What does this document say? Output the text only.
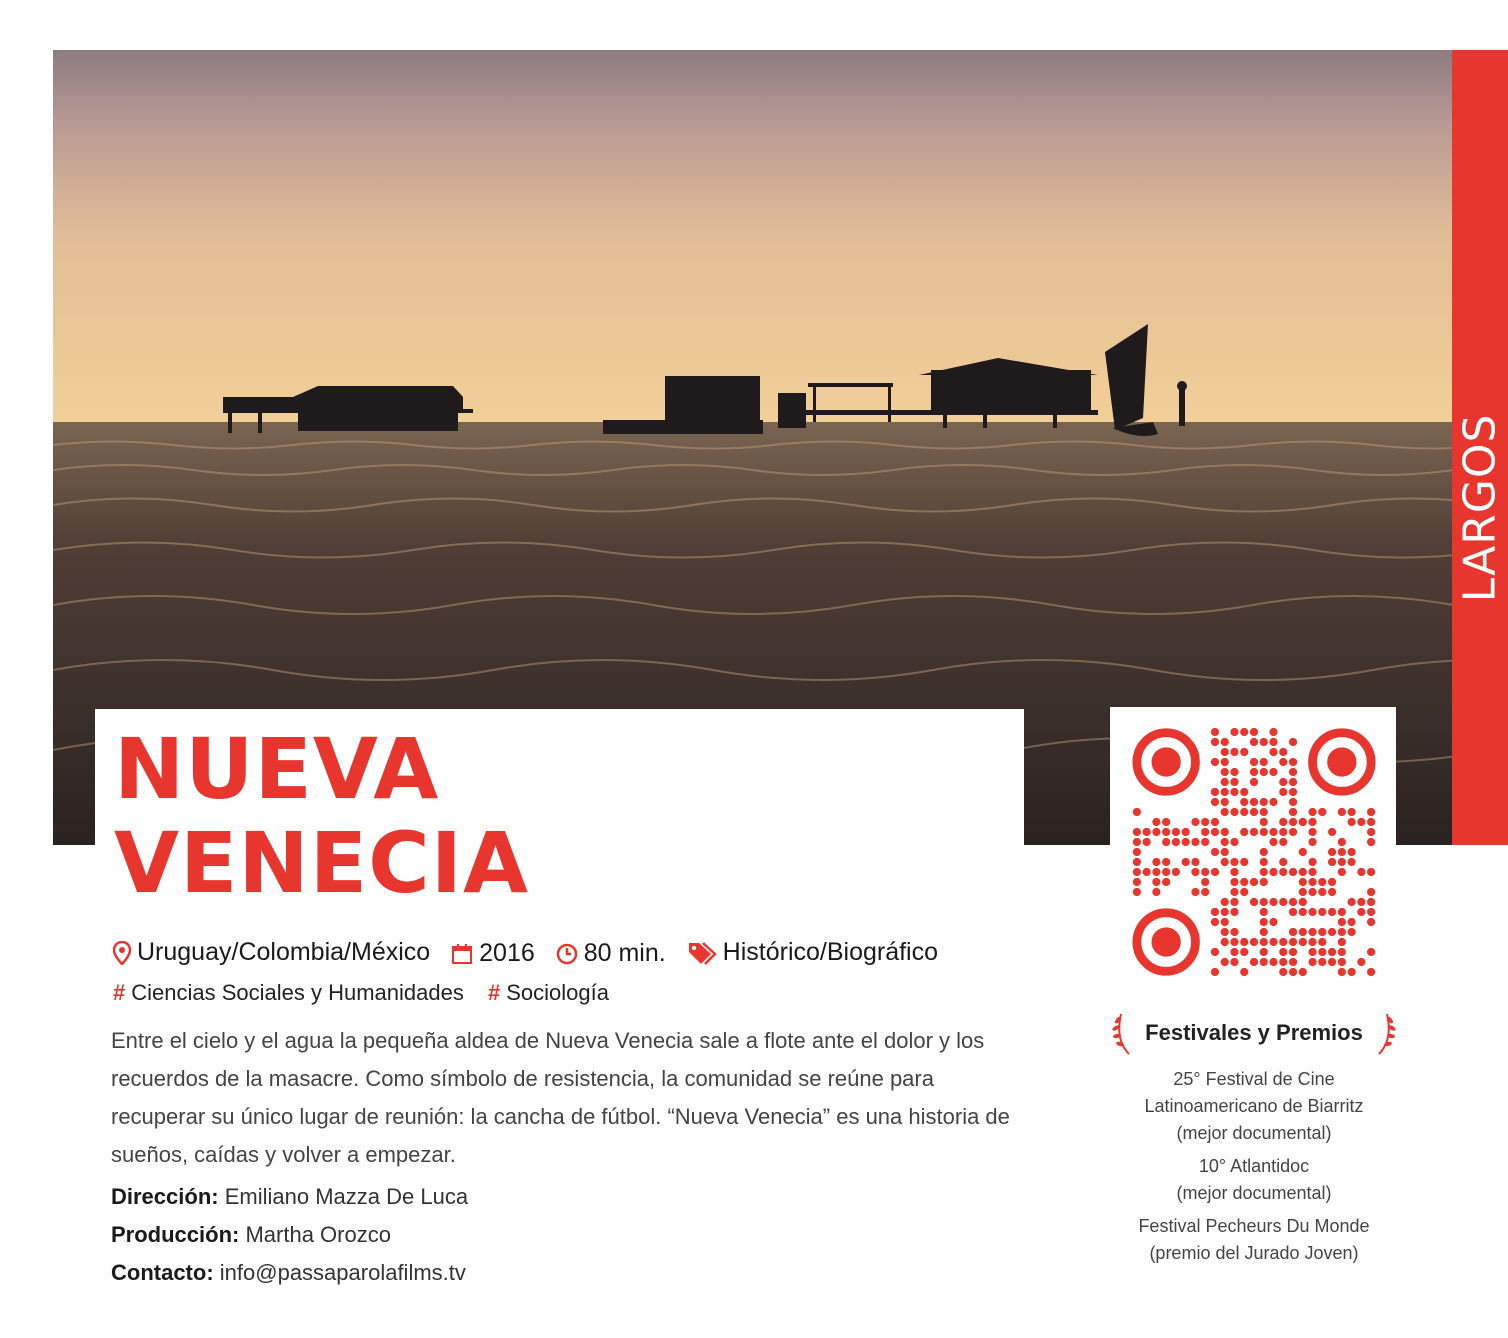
LARGOS
NUEVA
VENECIA
Uruguay/Colombia/México
2016
80 min.
Histórico/Biográfico
# Ciencias Sociales y Humanidades # Sociología

Entre el cielo y el agua la pequeña aldea de Nueva Venecia sale a flote ante el dolor y los recuerdos de la masacre. Como símbolo de resistencia, la comunidad se reúne para recuperar su único lugar de reunión: la cancha de fútbol. “Nueva Venecia” es una historia de sueños, caídas y volver a empezar.

Dirección: Emiliano Mazza De Luca
Producción: Martha Orozco
Contacto: info@passaparolafilms.tv
Festivales y Premios

25° Festival de Cine
Latinoamericano de Biarritz
(mejor documental)

10° Atlantidoc
(mejor documental)

Festival Pecheurs Du Monde
(premio del Jurado Joven)
